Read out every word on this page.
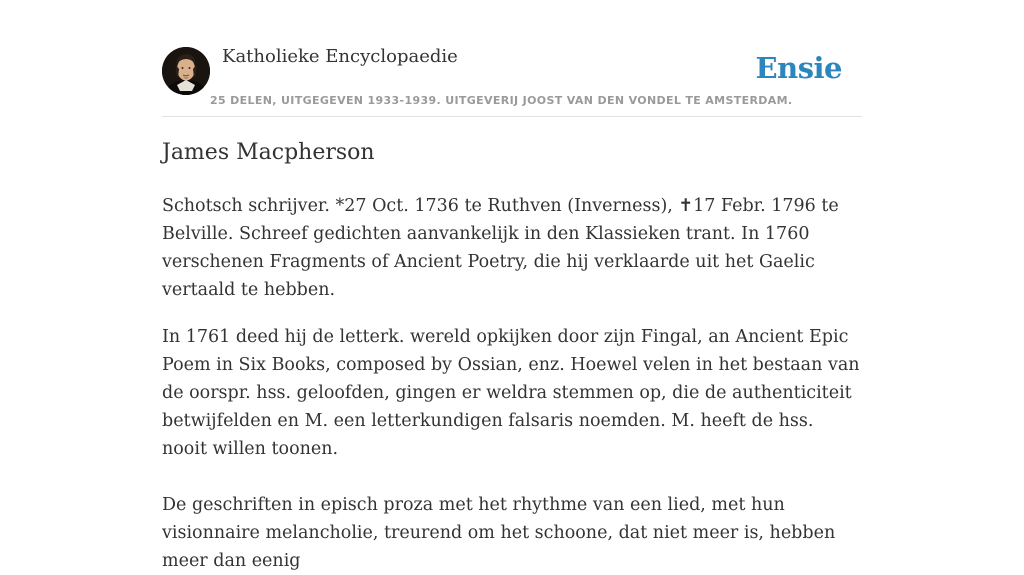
Katholieke Encyclopaedie	Ensie
25 DELEN, UITGEGEVEN 1933-1939. UITGEVERIJ JOOST VAN DEN VONDEL TE AMSTERDAM.
James Macpherson

Schotsch schrijver. *27 Oct. 1736 te Ruthven (Inverness), ✝17 Febr. 1796 te Belville. Schreef gedichten aanvankelijk in den Klassieken trant. In 1760 verschenen Fragments of Ancient Poetry, die hij verklaarde uit het Gaelic vertaald te hebben.

In 1761 deed hij de letterk. wereld opkijken door zijn Fingal, an Ancient Epic Poem in Six Books, composed by Ossian, enz. Hoewel velen in het bestaan van de oorspr. hss. geloofden, gingen er weldra stemmen op, die de authenticiteit betwijfelden en M. een letterkundigen falsaris noemden. M. heeft de hss. nooit willen toonen.

De geschriften in episch proza met het rhythme van een lied, met hun visionnaire melancholie, treurend om het schoone, dat niet meer is, hebben meer dan eenig
